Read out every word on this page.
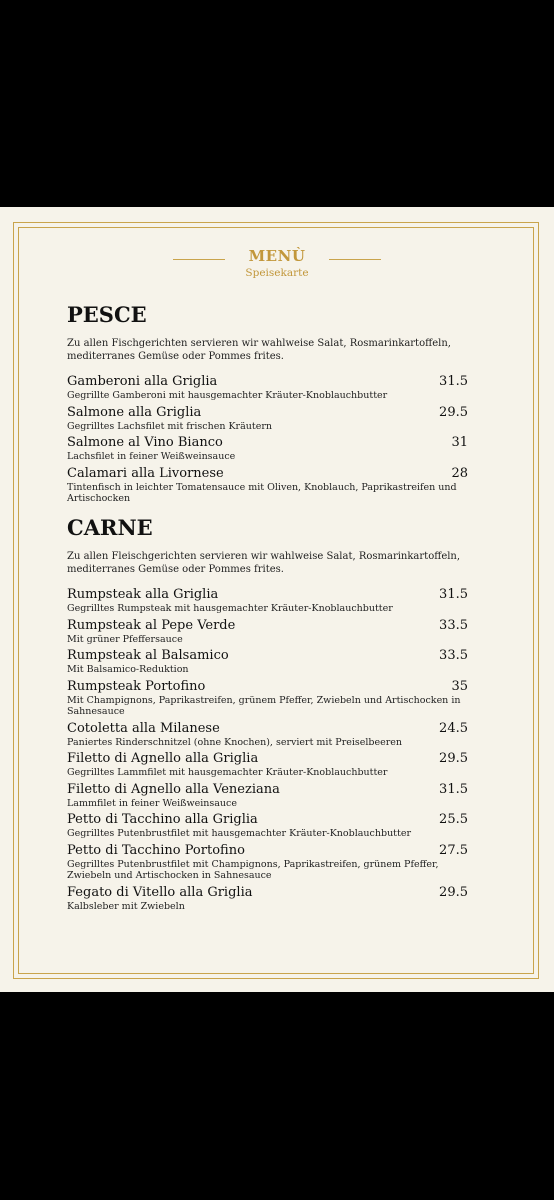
MENÙ
Speisekarte
PESCE

Zu allen Fischgerichten servieren wir wahlweise Salat, Rosmarinkartoffeln, mediterranes Gemüse oder Pommes frites.

Gamberoni alla Griglia	31.5
Gegrillte Gamberoni mit hausgemachter Kräuter-Knoblauchbutter
Salmone alla Griglia	29.5
Gegrilltes Lachsfilet mit frischen Kräutern
Salmone al Vino Bianco	31
Lachsfilet in feiner Weißweinsauce
Calamari alla Livornese	28
Tintenfisch in leichter Tomatensauce mit Oliven, Knoblauch, Paprikastreifen und Artischocken
CARNE

Zu allen Fleischgerichten servieren wir wahlweise Salat, Rosmarinkartoffeln, mediterranes Gemüse oder Pommes frites.

Rumpsteak alla Griglia	31.5
Gegrilltes Rumpsteak mit hausgemachter Kräuter-Knoblauchbutter
Rumpsteak al Pepe Verde	33.5
Mit grüner Pfeffersauce
Rumpsteak al Balsamico	33.5
Mit Balsamico-Reduktion
Rumpsteak Portofino	35
Mit Champignons, Paprikastreifen, grünem Pfeffer, Zwiebeln und Artischocken in Sahnesauce
Cotoletta alla Milanese	24.5
Paniertes Rinderschnitzel (ohne Knochen), serviert mit Preiselbeeren
Filetto di Agnello alla Griglia	29.5
Gegrilltes Lammfilet mit hausgemachter Kräuter-Knoblauchbutter
Filetto di Agnello alla Veneziana	31.5
Lammfilet in feiner Weißweinsauce
Petto di Tacchino alla Griglia	25.5
Gegrilltes Putenbrustfilet mit hausgemachter Kräuter-Knoblauchbutter
Petto di Tacchino Portofino	27.5
Gegrilltes Putenbrustfilet mit Champignons, Paprikastreifen, grünem Pfeffer, Zwiebeln und Artischocken in Sahnesauce
Fegato di Vitello alla Griglia	29.5
Kalbsleber mit Zwiebeln
